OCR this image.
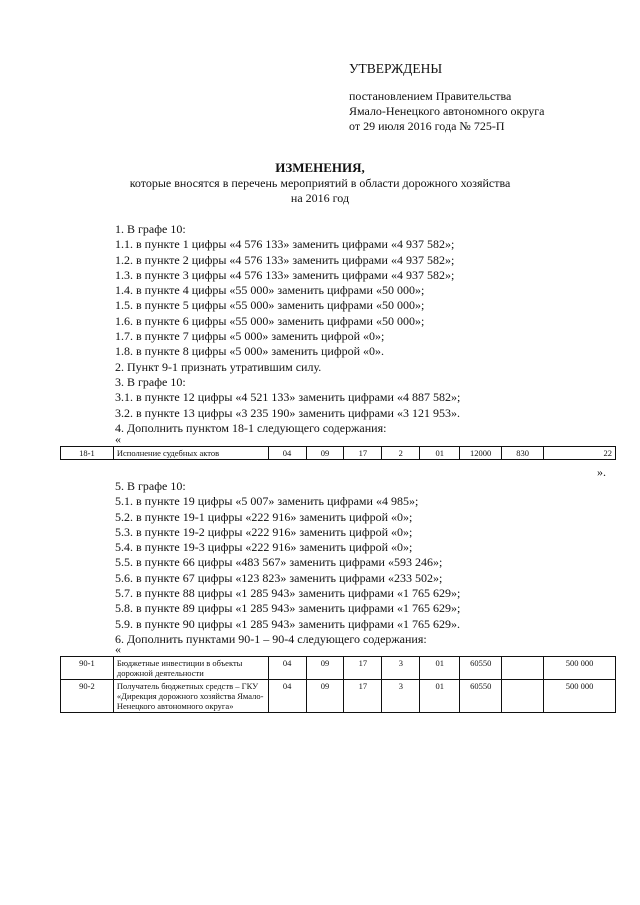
УТВЕРЖДЕНЫ
постановлением Правительства
Ямало-Ненецкого автономного округа
от 29 июля 2016 года № 725-П
ИЗМЕНЕНИЯ,
которые вносятся в перечень мероприятий в области дорожного хозяйства
на 2016 год
1. В графе 10:
1.1. в пункте 1 цифры «4 576 133» заменить цифрами «4 937 582»;
1.2. в пункте 2 цифры «4 576 133» заменить цифрами «4 937 582»;
1.3. в пункте 3 цифры «4 576 133» заменить цифрами «4 937 582»;
1.4. в пункте 4 цифры «55 000» заменить цифрами «50 000»;
1.5. в пункте 5 цифры «55 000» заменить цифрами «50 000»;
1.6. в пункте 6 цифры «55 000» заменить цифрами «50 000»;
1.7. в пункте 7 цифры «5 000» заменить цифрой «0»;
1.8. в пункте 8 цифры «5 000» заменить цифрой «0».
2. Пункт 9-1 признать утратившим силу.
3. В графе 10:
3.1. в пункте 12 цифры «4 521 133» заменить цифрами «4 887 582»;
3.2. в пункте 13 цифры «3 235 190» заменить цифрами «3 121 953».
4. Дополнить пунктом 18-1 следующего содержания:
«
18-1	Исполнение судебных актов	04	09	17	2	01	12000	830	22
».
5. В графе 10:
5.1. в пункте 19 цифры «5 007» заменить цифрами «4 985»;
5.2. в пункте 19-1 цифры «222 916» заменить цифрой «0»;
5.3. в пункте 19-2 цифры «222 916» заменить цифрой «0»;
5.4. в пункте 19-3 цифры «222 916» заменить цифрой «0»;
5.5. в пункте 66 цифры «483 567» заменить цифрами «593 246»;
5.6. в пункте 67 цифры «123 823» заменить цифрами «233 502»;
5.7. в пункте 88 цифры «1 285 943» заменить цифрами «1 765 629»;
5.8. в пункте 89 цифры «1 285 943» заменить цифрами «1 765 629»;
5.9. в пункте 90 цифры «1 285 943» заменить цифрами «1 765 629».
6. Дополнить пунктами 90-1 – 90-4 следующего содержания:
«
90-1	Бюджетные инвестиции в объекты дорожной деятельности	04	09	17	3	01	60550		500 000
90-2	Получатель бюджетных средств – ГКУ «Дирекция дорожного хозяйства Ямало-Ненецкого автономного округа»	04	09	17	3	01	60550		500 000
